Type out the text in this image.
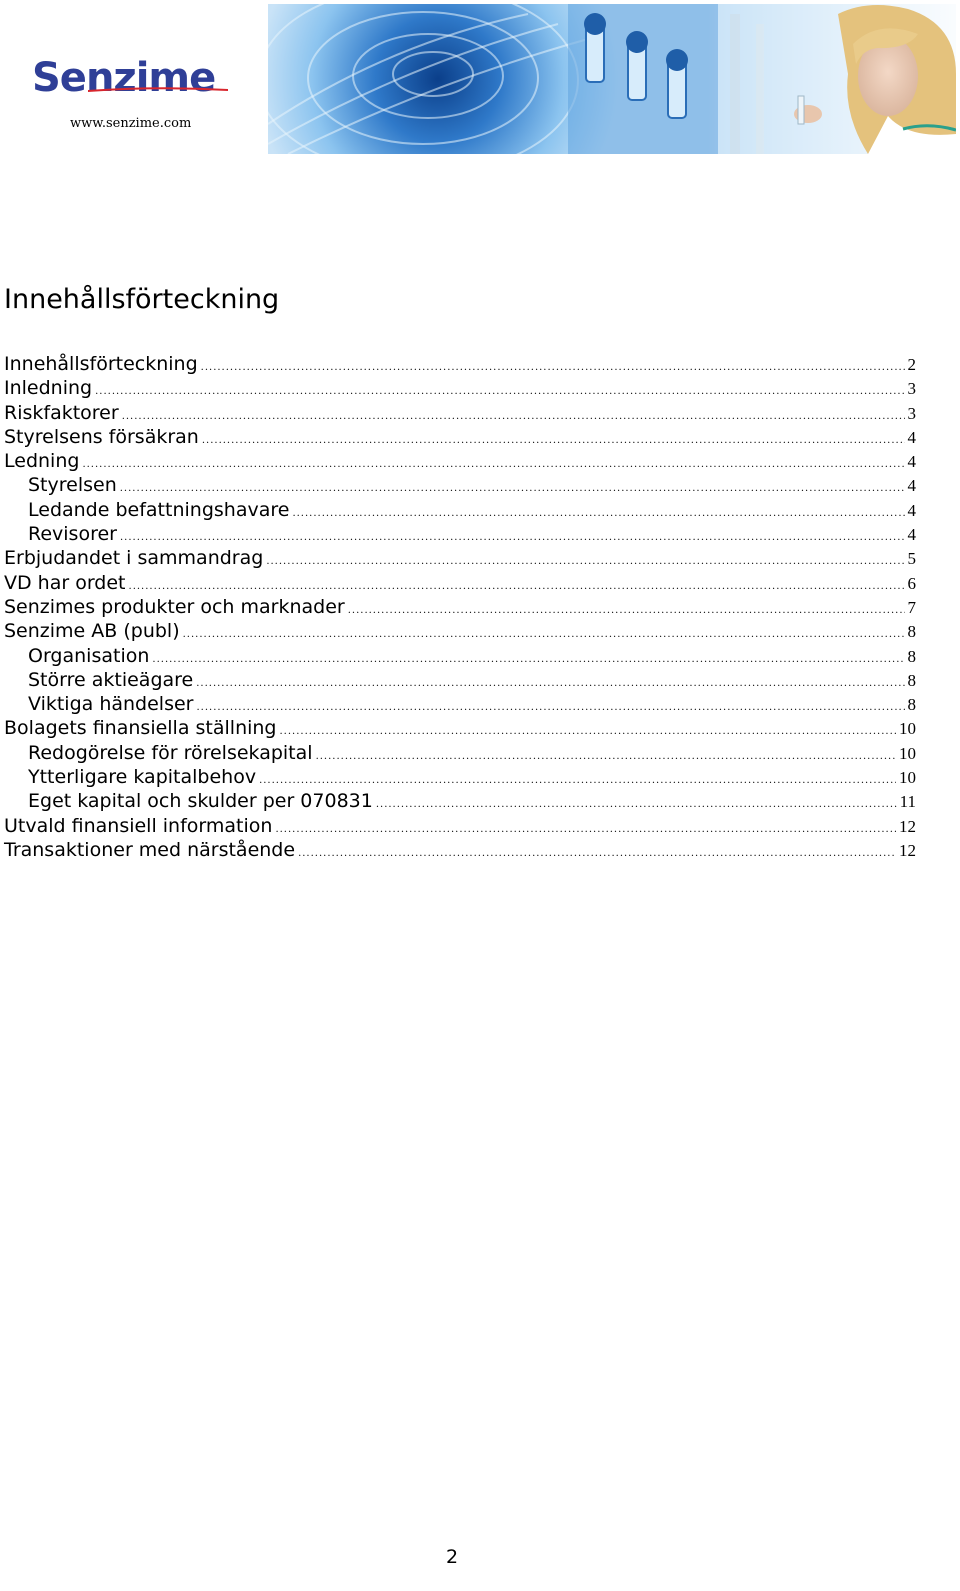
Senzime
www.senzime.com
Innehållsförteckning
Innehållsförteckning .....	2
Inledning .....	3
Riskfaktorer .....	3
Styrelsens försäkran .....	4
Ledning .....	4
Styrelsen .....	4
Ledande befattningshavare .....	4
Revisorer .....	4
Erbjudandet i sammandrag .....	5
VD har ordet .....	6
Senzimes produkter och marknader .....	7
Senzime AB (publ) .....	8
Organisation .....	8
Större aktieägare .....	8
Viktiga händelser .....	8
Bolagets finansiella ställning .....	10
Redogörelse för rörelsekapital .....	10
Ytterligare kapitalbehov .....	10
Eget kapital och skulder per 070831 .....	11
Utvald finansiell information .....	12
Transaktioner med närstående .....	12
2
